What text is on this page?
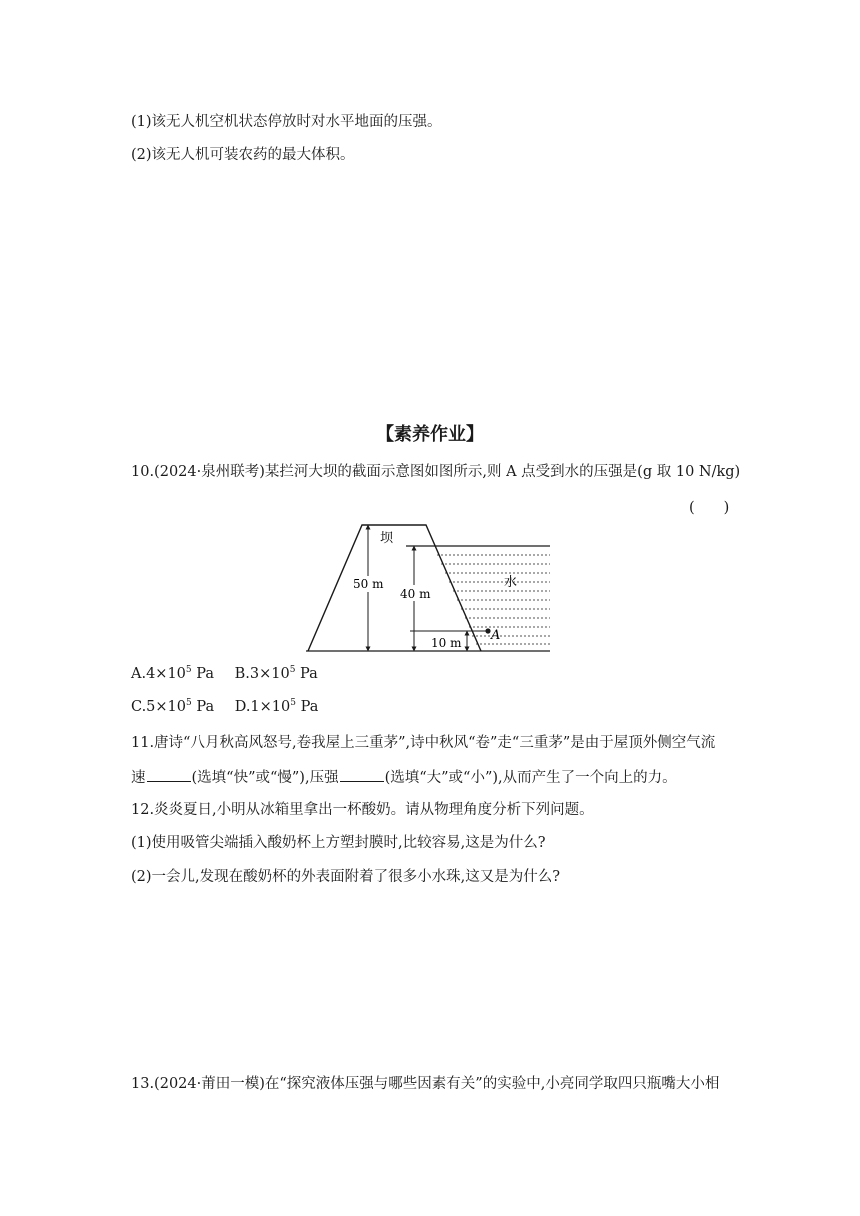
(1)该无人机空机状态停放时对水平地面的压强。
(2)该无人机可装农药的最大体积。
【素养作业】
10.(2024·泉州联考)某拦河大坝的截面示意图如图所示,则 A 点受到水的压强是(g 取 10 N/kg)
(　　)
坝
水
50 m
40 m
10 m A
$A.4\times 10^5$ Pa $B.3\times 10^5$ Pa
$C.5\times 10^5$ Pa $D.1\times 10^5$ Pa
11.唐诗“八月秋高风怒号,卷我屋上三重茅”,诗中秋风“卷”走“三重茅”是由于屋顶外侧空气流
速	(选填“快”或“慢”),压强	(选填“大”或“小”),从而产生了一个向上的力。
12.炎炎夏日,小明从冰箱里拿出一杯酸奶。请从物理角度分析下列问题。
(1)使用吸管尖端插入酸奶杯上方塑封膜时,比较容易,这是为什么?
(2)一会儿,发现在酸奶杯的外表面附着了很多小水珠,这又是为什么?
13.(2024·莆田一模)在“探究液体压强与哪些因素有关”的实验中,小亮同学取四只瓶嘴大小相
